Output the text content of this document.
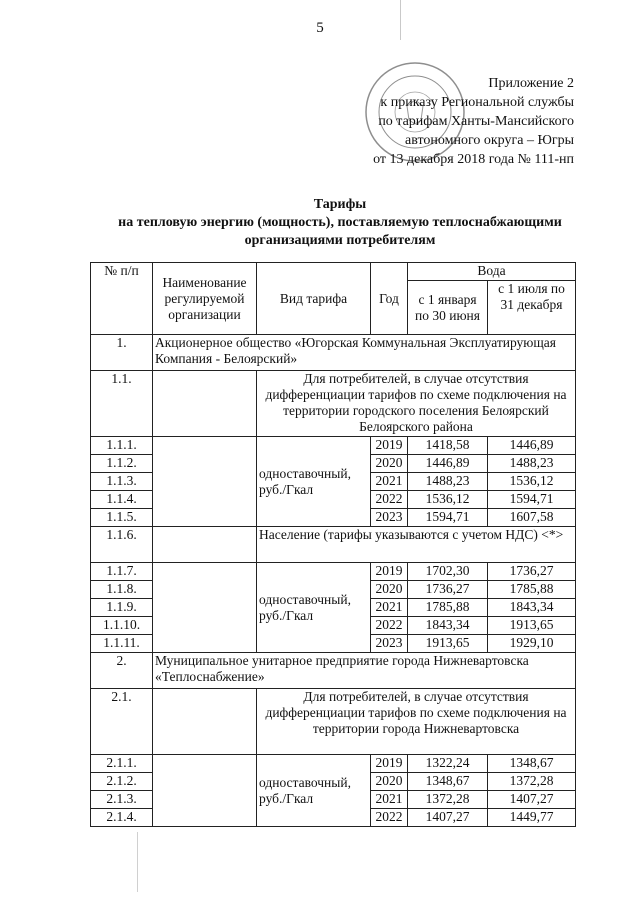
5
Приложение 2
к приказу Региональной службы
по тарифам Ханты-Мансийского
автономного округа – Югры
от 13 декабря 2018 года № 111-нп
Тарифы
на тепловую энергию (мощность), поставляемую теплоснабжающими
организациями потребителям
№ п/п	Наименование регулируемой организации	Вид тарифа	Год	Вода	
				с 1 января по 30 июня	с 1 июля по 31 декабря
1.	Акционерное общество «Югорская Коммунальная Эксплуатирующая Компания - Белоярский»				
1.1.		Для потребителей, в случае отсутствия дифференциации тарифов по схеме подключения на территории городского поселения Белоярский Белоярского района			
1.1.1.		одноставочный, руб./Гкал	2019	1418,58	1446,89
1.1.2.			2020	1446,89	1488,23
1.1.3.			2021	1488,23	1536,12
1.1.4.			2022	1536,12	1594,71
1.1.5.			2023	1594,71	1607,58
1.1.6.		Население (тарифы указываются с учетом НДС) <*>			
1.1.7.		одноставочный, руб./Гкал	2019	1702,30	1736,27
1.1.8.			2020	1736,27	1785,88
1.1.9.			2021	1785,88	1843,34
1.1.10.			2022	1843,34	1913,65
1.1.11.			2023	1913,65	1929,10
2.	Муниципальное унитарное предприятие города Нижневартовска «Теплоснабжение»				
2.1.		Для потребителей, в случае отсутствия дифференциации тарифов по схеме подключения на территории города Нижневартовска			
2.1.1.		одноставочный, руб./Гкал	2019	1322,24	1348,67
2.1.2.			2020	1348,67	1372,28
2.1.3.			2021	1372,28	1407,27
2.1.4.			2022	1407,27	1449,77
